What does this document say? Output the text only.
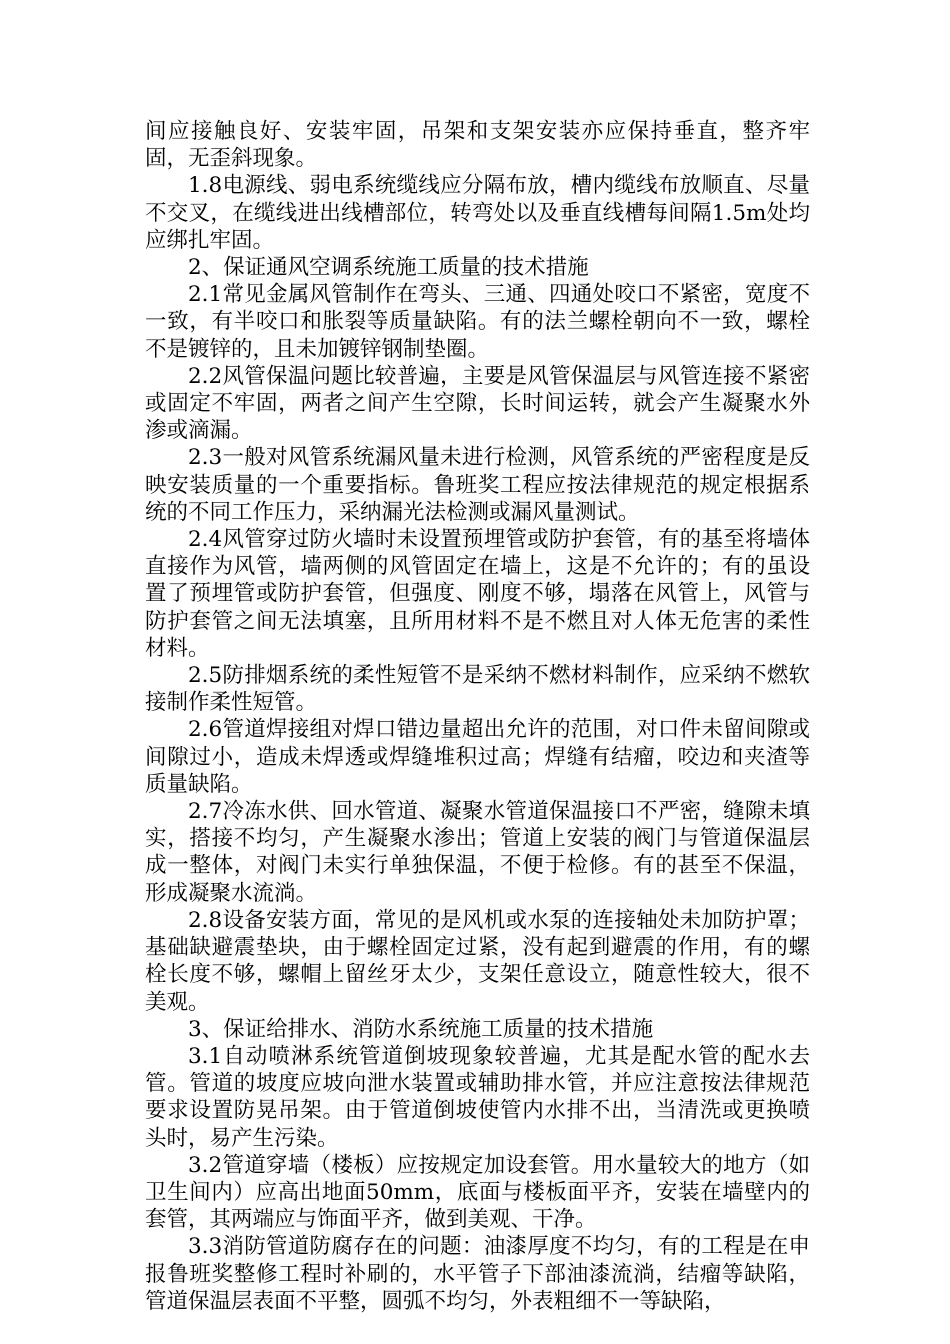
间应接触良好、安装牢固，吊架和支架安装亦应保持垂直，整齐牢固，无歪斜现象。

1.8电源线、弱电系统缆线应分隔布放，槽内缆线布放顺直、尽量不交叉，在缆线进出线槽部位，转弯处以及垂直线槽每间隔1.5m处均应绑扎牢固。

2、保证通风空调系统施工质量的技术措施

2.1常见金属风管制作在弯头、三通、四通处咬口不紧密，宽度不一致，有半咬口和胀裂等质量缺陷。有的法兰螺栓朝向不一致，螺栓不是镀锌的，且未加镀锌钢制垫圈。

2.2风管保温问题比较普遍，主要是风管保温层与风管连接不紧密或固定不牢固，两者之间产生空隙，长时间运转，就会产生凝聚水外渗或滴漏。

2.3一般对风管系统漏风量未进行检测，风管系统的严密程度是反映安装质量的一个重要指标。鲁班奖工程应按法律规范的规定根据系统的不同工作压力，采纳漏光法检测或漏风量测试。

2.4风管穿过防火墙时未设置预埋管或防护套管，有的基至将墙体直接作为风管，墙两侧的风管固定在墙上，这是不允许的；有的虽设置了预埋管或防护套管，但强度、刚度不够，塌落在风管上，风管与防护套管之间无法填塞，且所用材料不是不燃且对人体无危害的柔性材料。

2.5防排烟系统的柔性短管不是采纳不燃材料制作，应采纳不燃软接制作柔性短管。

2.6管道焊接组对焊口错边量超出允许的范围，对口件未留间隙或间隙过小，造成未焊透或焊缝堆积过高；焊缝有结瘤，咬边和夹渣等质量缺陷。

2.7冷冻水供、回水管道、凝聚水管道保温接口不严密，缝隙未填实，搭接不均匀，产生凝聚水渗出；管道上安装的阀门与管道保温层成一整体，对阀门未实行单独保温，不便于检修。有的甚至不保温，形成凝聚水流淌。

2.8设备安装方面，常见的是风机或水泵的连接轴处未加防护罩；基础缺避震垫块，由于螺栓固定过紧，没有起到避震的作用，有的螺栓长度不够，螺帽上留丝牙太少，支架任意设立，随意性较大，很不美观。

3、保证给排水、消防水系统施工质量的技术措施

3.1自动喷淋系统管道倒坡现象较普遍，尤其是配水管的配水去管。管道的坡度应坡向泄水装置或辅助排水管，并应注意按法律规范要求设置防晃吊架。由于管道倒坡使管内水排不出，当清洗或更换喷头时，易产生污染。

3.2管道穿墙（楼板）应按规定加设套管。用水量较大的地方（如卫生间内）应高出地面50mm，底面与楼板面平齐，安装在墙壁内的套管，其两端应与饰面平齐，做到美观、干净。

3.3消防管道防腐存在的问题：油漆厚度不均匀，有的工程是在申报鲁班奖整修工程时补刷的，水平管子下部油漆流淌，结瘤等缺陷，管道保温层表面不平整，圆弧不均匀，外表粗细不一等缺陷，
